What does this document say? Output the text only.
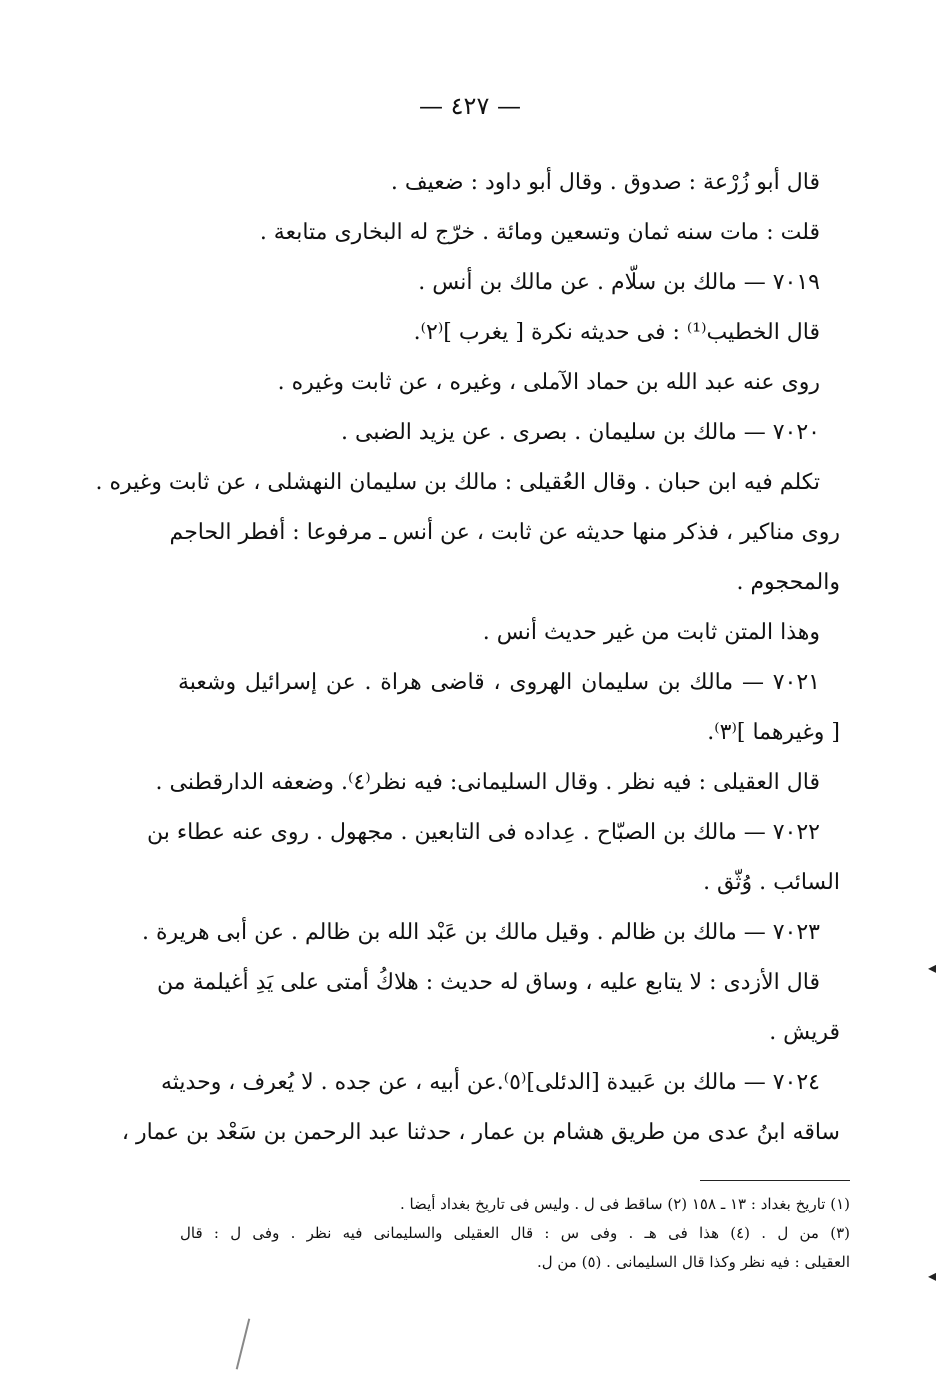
— ٤٢٧ —
قال أبو زُرْعة : صدوق . وقال أبو داود : ضعيف .
قلت : مات سنه ثمان وتسعين ومائة . خرّج له البخارى متابعة .
٧٠١٩ — مالك بن سلّام . عن مالك بن أنس .
قال الخطيب⁽¹⁾ : فى حديثه نكرة [ يغرب ]⁽٢⁾.
روى عنه عبد الله بن حماد الآملى ، وغيره ، عن ثابت وغيره .
٧٠٢٠ — مالك بن سليمان . بصرى . عن يزيد الضبى .
تكلم فيه ابن حبان . وقال العُقيلى : مالك بن سليمان النهشلى ، عن ثابت وغيره .
روى مناكير ، فذكر منها حديثه عن ثابت ، عن أنس ـ مرفوعا : أفطر الحاجم
والمحجوم .
وهذا المتن ثابت من غير حديث أنس .
٧٠٢١ — مالك بن سليمان الهروى ، قاضى هراة . عن إسرائيل وشعبة
[ وغيرهما ]⁽٣⁾.
قال العقيلى : فيه نظر . وقال السليمانى: فيه نظر⁽٤⁾. وضعفه الدارقطنى .
٧٠٢٢ — مالك بن الصبّاح . عِداده فى التابعين . مجهول . روى عنه عطاء بن
السائب . وُثّق .
٧٠٢٣ — مالك بن ظالم . وقيل مالك بن عَبْد الله بن ظالم . عن أبى هريرة .
قال الأزدى : لا يتابع عليه ، وساق له حديث : هلاكُ أمتى على يَدِ أغيلمة من
قريش .
٧٠٢٤ — مالك بن عَبيدة [الدئلى]⁽٥⁾.عن أبيه ، عن جده . لا يُعرف ، وحديثه
ساقه ابنُ عدى من طريق هشام بن عمار ، حدثنا عبد الرحمن بن سَعْد بن عمار ،
(١) تاريخ بغداد : ١٣ ـ ١٥٨ (٢) ساقط فى ل . وليس فى تاريخ بغداد أيضا .
(٣) من ل . (٤) هذا فى هـ . وفى س : قال العقيلى والسليمانى فيه نظر . وفى ل : قال
العقيلى : فيه نظر وكذا قال السليمانى . (٥) من ل.
◂
◂
